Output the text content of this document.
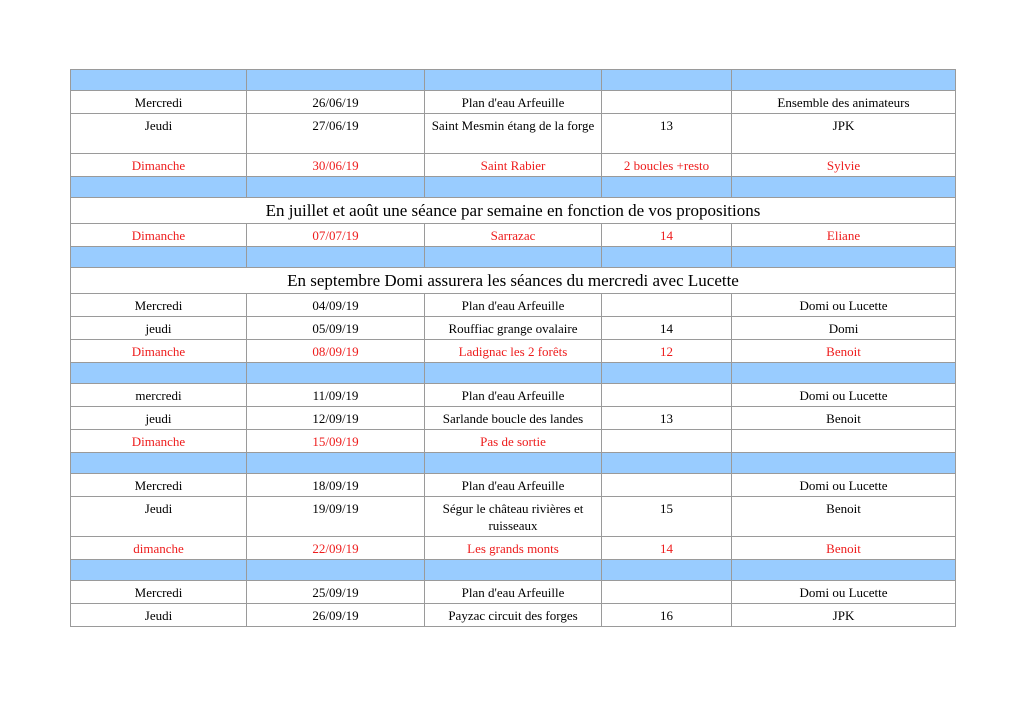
Mercredi	26/06/19	Plan d'eau Arfeuille		Ensemble des animateurs
Jeudi	27/06/19	Saint Mesmin étang de la forge	13	JPK
Dimanche	30/06/19	Saint Rabier	2 boucles +resto	Sylvie

En juillet et août une séance par semaine en fonction de vos propositions				
Dimanche	07/07/19	Sarrazac	14	Eliane

En septembre Domi assurera les séances du mercredi avec Lucette				
Mercredi	04/09/19	Plan d'eau Arfeuille		Domi ou Lucette
jeudi	05/09/19	Rouffiac grange ovalaire	14	Domi
Dimanche	08/09/19	Ladignac les 2 forêts	12	Benoit

mercredi	11/09/19	Plan d'eau Arfeuille		Domi ou Lucette
jeudi	12/09/19	Sarlande boucle des landes	13	Benoit
Dimanche	15/09/19	Pas de sortie		

Mercredi	18/09/19	Plan d'eau Arfeuille		Domi ou Lucette
Jeudi	19/09/19	Ségur le château rivières et ruisseaux	15	Benoit
dimanche	22/09/19	Les grands monts	14	Benoit

Mercredi	25/09/19	Plan d'eau Arfeuille		Domi ou Lucette
Jeudi	26/09/19	Payzac circuit des forges	16	JPK
